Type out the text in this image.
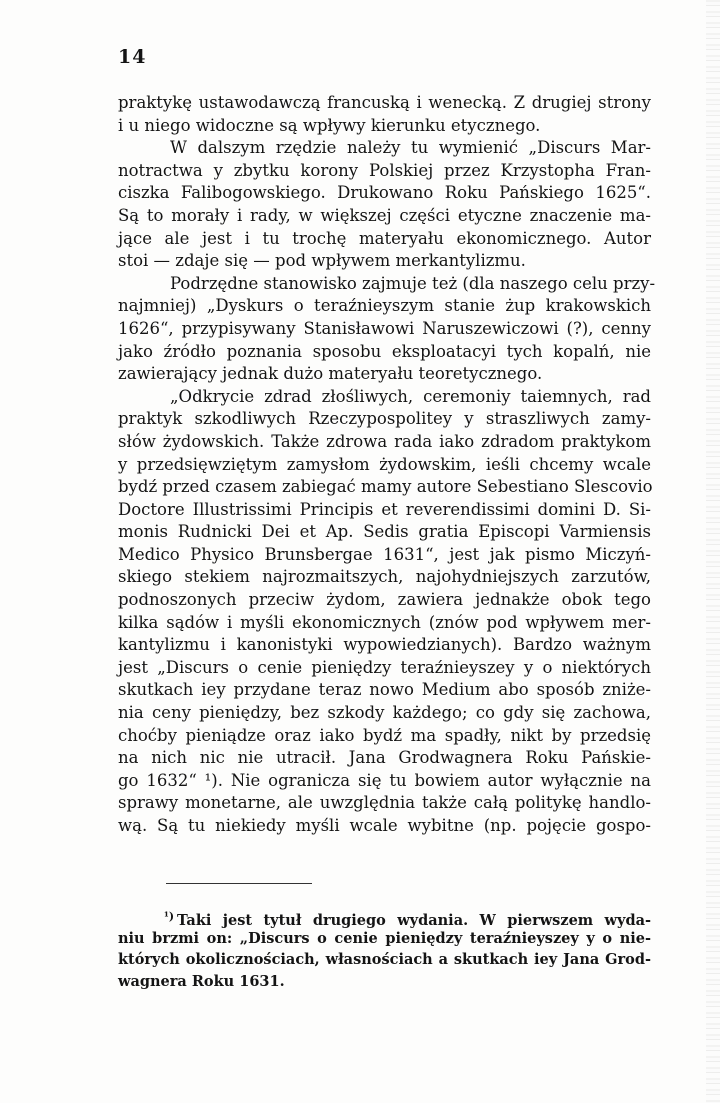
14
praktykę ustawodawczą francuską i wenecką. Z drugiej strony
i u niego widoczne są wpływy kierunku etycznego.
W dalszym rzędzie należy tu wymienić „Discurs Mar-
notractwa y zbytku korony Polskiej przez Krzystopha Fran-
ciszka Falibogowskiego. Drukowano Roku Pańskiego 1625“.
Są to morały i rady, w większej części etyczne znaczenie ma-
jące ale jest i tu trochę materyału ekonomicznego. Autor
stoi — zdaje się — pod wpływem merkantylizmu.
Podrzędne stanowisko zajmuje też (dla naszego celu przy-
najmniej) „Dyskurs o teraźnieyszym stanie żup krakowskich
1626“, przypisywany Stanisławowi Naruszewiczowi (?), cenny
jako źródło poznania sposobu eksploatacyi tych kopalń, nie
zawierający jednak dużo materyału teoretycznego.
„Odkrycie zdrad złośliwych, ceremoniy taiemnych, rad
praktyk szkodliwych Rzeczypospolitey y straszliwych zamy-
słów żydowskich. Także zdrowa rada iako zdradom praktykom
y przedsięwziętym zamysłom żydowskim, ieśli chcemy wcale
bydź przed czasem zabiegać mamy autore Sebestiano Slescovio
Doctore Illustrissimi Principis et reverendissimi domini D. Si-
monis Rudnicki Dei et Ap. Sedis gratia Episcopi Varmiensis
Medico Physico Brunsbergae 1631“, jest jak pismo Miczyń-
skiego stekiem najrozmaitszych, najohydniejszych zarzutów,
podnoszonych przeciw żydom, zawiera jednakże obok tego
kilka sądów i myśli ekonomicznych (znów pod wpływem mer-
kantylizmu i kanonistyki wypowiedzianych). Bardzo ważnym
jest „Discurs o cenie pieniędzy teraźnieyszey y o niektórych
skutkach iey przydane teraz nowo Medium abo sposób zniże-
nia ceny pieniędzy, bez szkody każdego; co gdy się zachowa,
choćby pieniądze oraz iako bydź ma spadły, nikt by przedsię
na nich nic nie utracił. Jana Grodwagnera Roku Pańskie-
go 1632“ ¹). Nie ogranicza się tu bowiem autor wyłącznie na
sprawy monetarne, ale uwzględnia także całą politykę handlo-
wą. Są tu niekiedy myśli wcale wybitne (np. pojęcie gospo-
$^{^1)}$ Taki jest tytuł drugiego wydania. W pierwszem wyda-
niu brzmi on: „Discurs o cenie pieniędzy teraźnieyszey y o nie-
których okolicznościach, własnościach a skutkach iey Jana Grod-
wagnera Roku 1631.
